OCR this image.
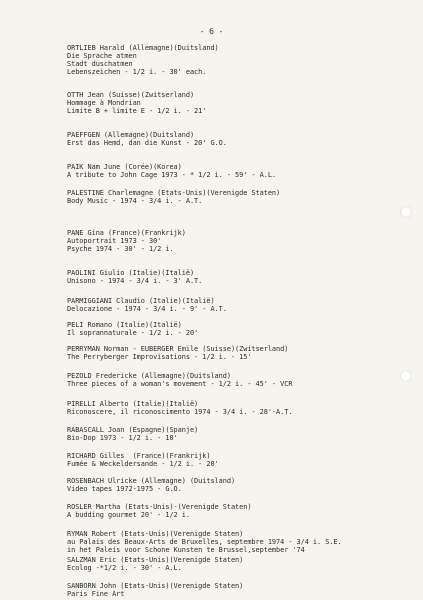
- 6 -
ORTLIEB Harald (Allemagne)(Duitsland)
Die Sprache atmen
Stadt duschatmen
Lebenszeichen - 1/2 i. - 30' each.
OTTH Jean (Suisse)(Zwitserland)
Hommage à Mondrian
Limite B + limite E - 1/2 i. - 21'
PAEFFGEN (Allemagne)(Duitsland)
Erst das Hemd, dan die Kunst - 20' G.O.
PAIK Nam June (Corée)(Korea)
A tribute to John Cage 1973 - * 1/2 i. - 59' - A.L.
PALESTINE Charlemagne (Etats-Unis)(Verenigde Staten)
Body Music - 1974 - 3/4 i. - A.T.
PANE Gina (France)(Frankrijk)
Autoportrait 1973 - 30'
Psyche 1974 - 30' - 1/2 i.
PAOLINI Giulio (Italie)(Italië)
Unisono - 1974 - 3/4 i. - 3' A.T.
PARMIGGIANI Claudio (Italie)(Italië)
Delocazione - 1974 - 3/4 i. - 9' - A.T.
PELI Romano (Italie)(Italië)
Il soprannaturale - 1/2 i. - 20'
PERRYMAN Norman - EUBERGER Emile (Suisse)(Zwitserland)
The Perryberger Improvisations - 1/2 i. - 15'
PEZOLD Fredericke (Allemagne)(Duitsland)
Three pieces of a woman's movement - 1/2 i. - 45' - VCR
PIRELLI Alberto (Italie)(Italië)
Riconoscere, il riconoscimento 1974 - 3/4 i. - 28'-A.T.
RABASCALL Joan (Espagne)(Spanje)
Bio-Dop 1973 - 1/2 i. - 10'
RICHARD Gilles  (France)(Frankrijk)
Fumée & Weckeldersande - 1/2 i. - 20'
ROSENBACH Ulricke (Allemagne) (Duitsland)
Video tapes 1972-1975 - G.O.
ROSLER Martha (Etats-Unis)-(Verenigde Staten)
A budding gourmet 20' - 1/2 i.
RYMAN Robert (Etats-Unis)(Verenigde Staten)
au Palais des Beaux-Arts de Bruxelles, septembre 1974 - 3/4 i. S.E.
in het Paleis voor Schone Kunsten te Brussel,september '74
SALZMAN Eric (Etats-Unis)(Verenigde Staten)
Ecolog -*1/2 i. - 30' - A.L.
SANBORN John (Etats-Unis)(Verenigde Staten)
Paris Fine Art
